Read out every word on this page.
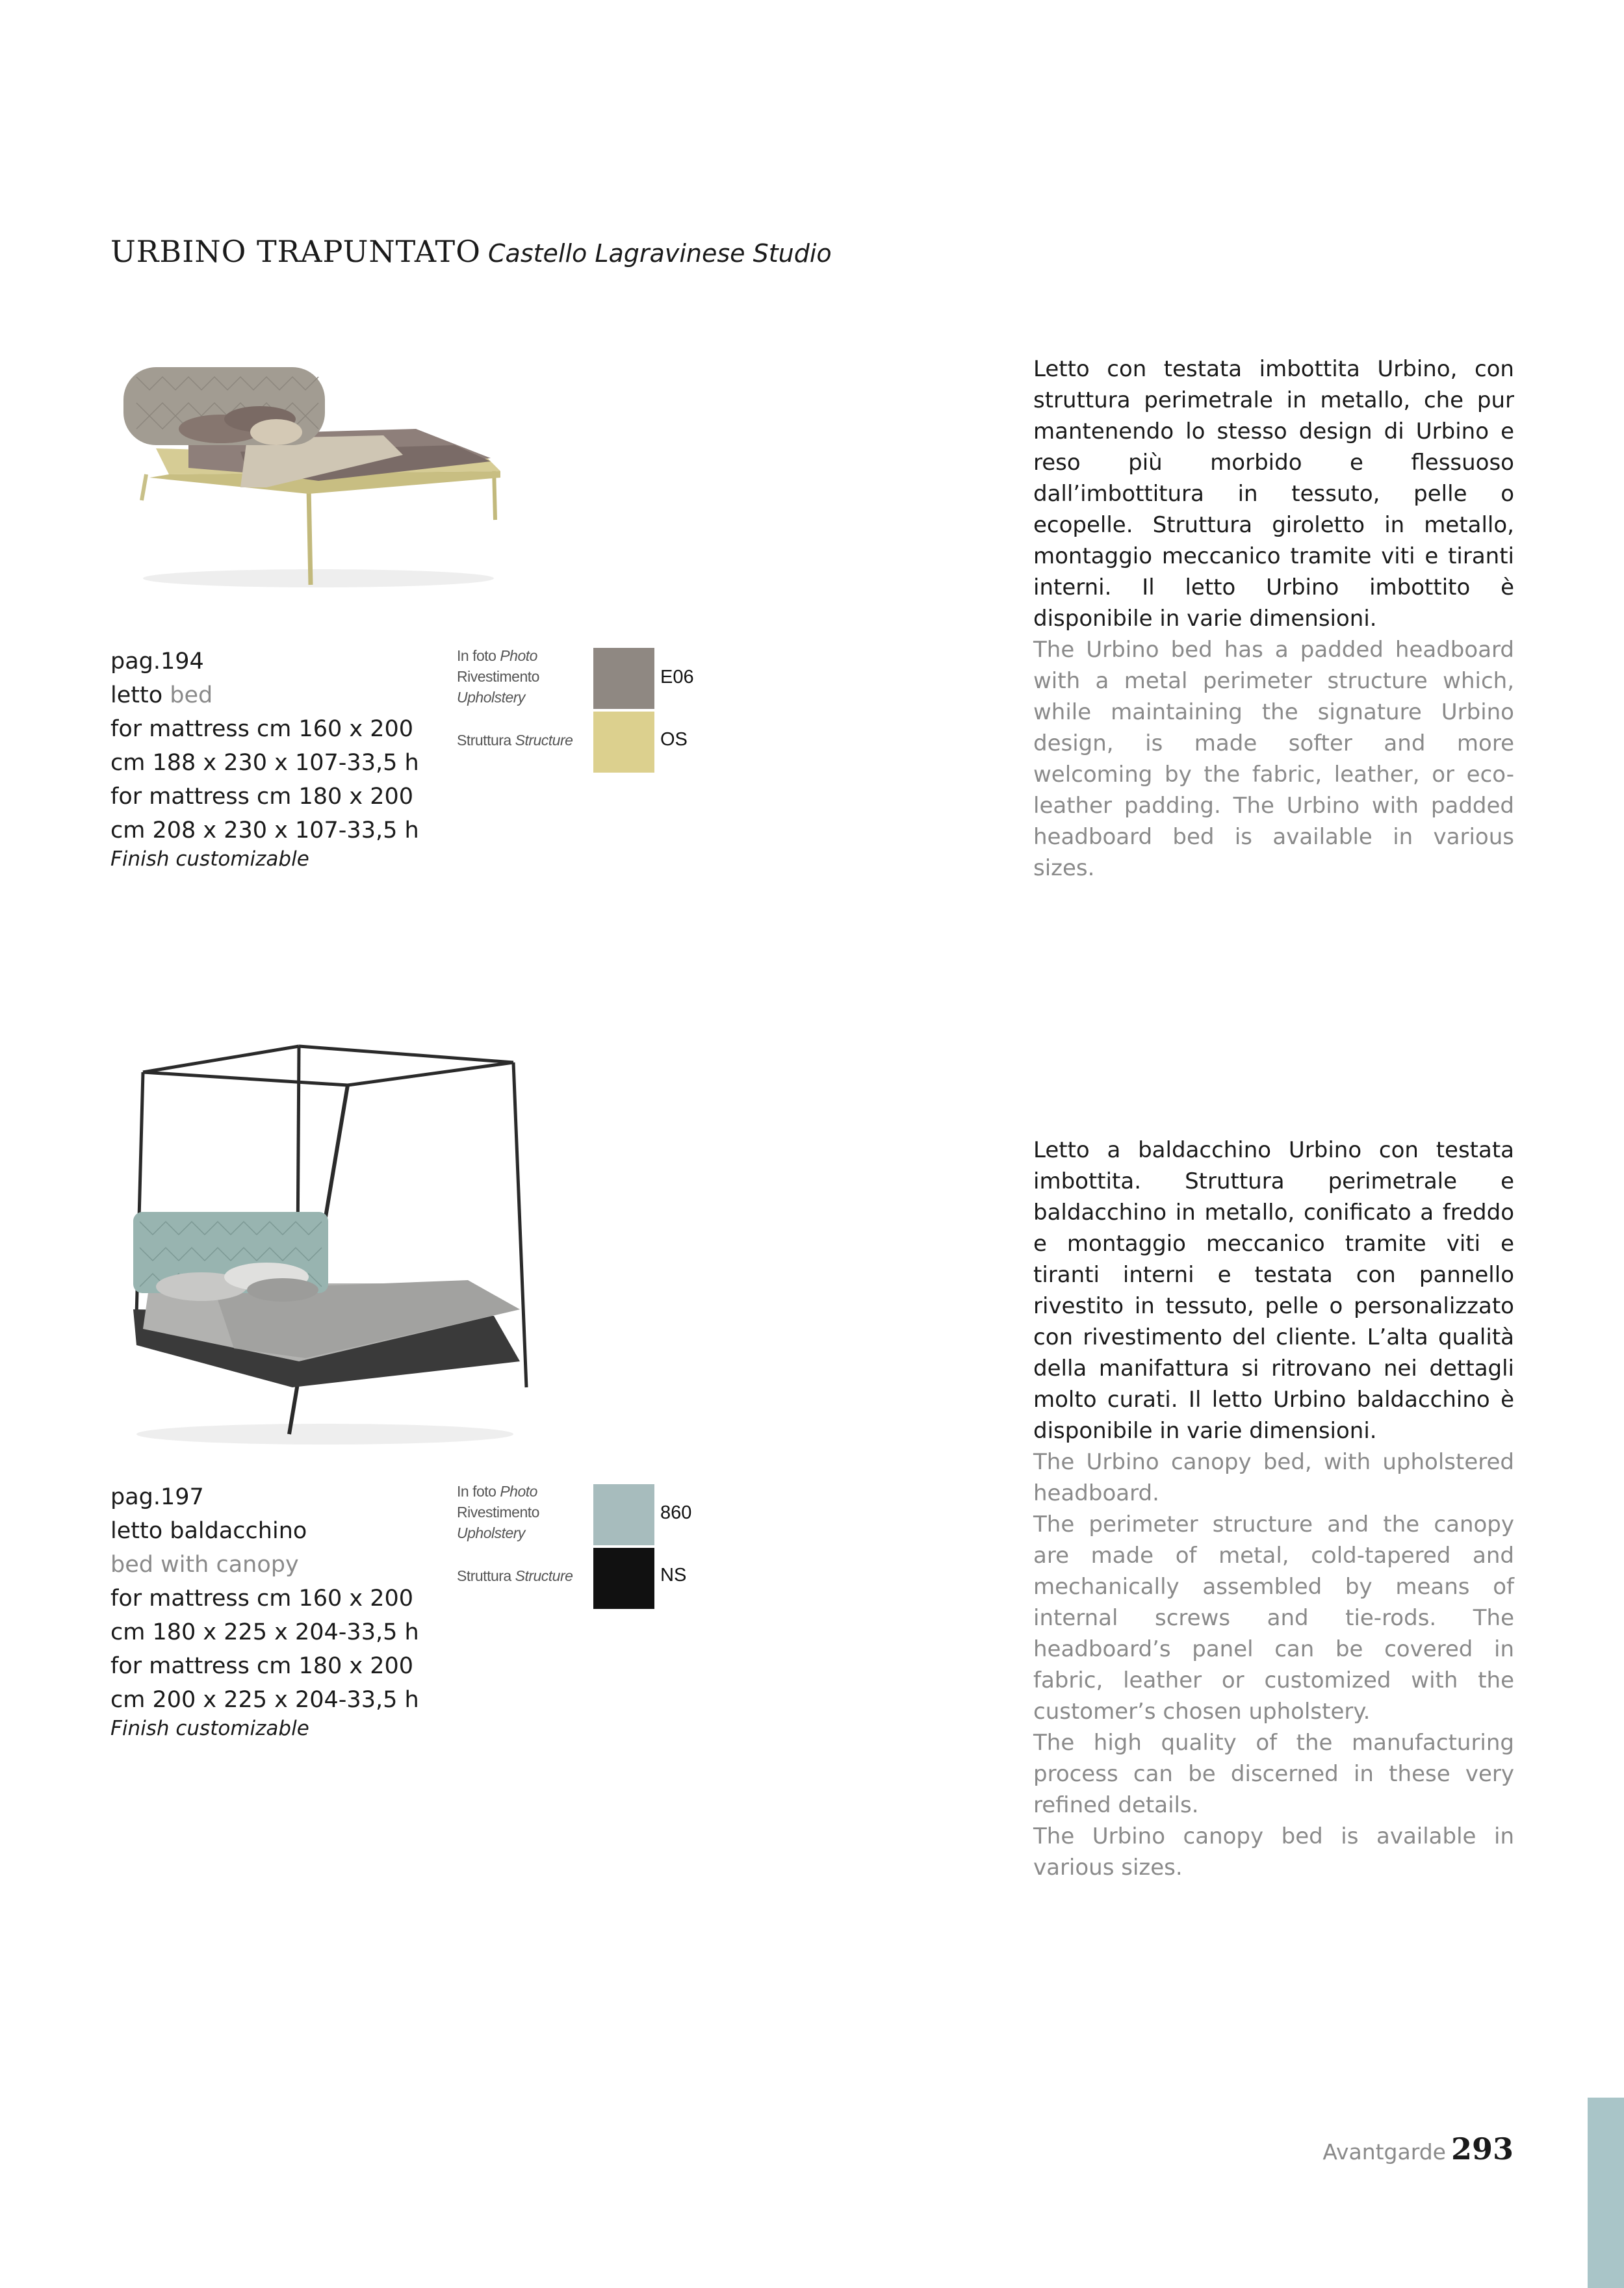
URBINO TRAPUNTATO Castello Lagravinese Studio
pag.194
letto bed
for mattress cm 160 x 200
cm 188 x 230 x 107-33,5 h
for mattress cm 180 x 200
cm 208 x 230 x 107-33,5 h
Finish customizable
In foto Photo
Rivestimento
Upholstery
Struttura Structure
E06
OS
Letto con testata imbottita Urbino, con struttura perimetrale in metallo, che pur mantenendo lo stesso design di Urbino e reso più morbido e flessuoso dall’imbottitura in tessuto, pelle o ecopelle. Struttura giroletto in metallo, montaggio meccanico tramite viti e tiranti interni. Il letto Urbino imbottito è disponibile in varie dimensioni.
The Urbino bed has a padded headboard with a metal perimeter structure which, while maintaining the signature Urbino design, is made softer and more welcoming by the fabric, leather, or eco-leather padding. The Urbino with padded headboard bed is available in various sizes.
pag.197
letto baldacchino
bed with canopy
for mattress cm 160 x 200
cm 180 x 225 x 204-33,5 h
for mattress cm 180 x 200
cm 200 x 225 x 204-33,5 h
Finish customizable
In foto Photo
Rivestimento
Upholstery
Struttura Structure
860
NS
Letto a baldacchino Urbino con testata imbottita. Struttura perimetrale e baldacchino in metallo, conificato a freddo e montaggio meccanico tramite viti e tiranti interni e testata con pannello rivestito in tessuto, pelle o personalizzato con rivestimento del cliente. L’alta qualità della manifattura si ritrovano nei dettagli molto curati. Il letto Urbino baldacchino è disponibile in varie dimensioni.

The Urbino canopy bed, with upholstered headboard.

The perimeter structure and the canopy are made of metal, cold-tapered and mechanically assembled by means of internal screws and tie-rods. The headboard’s panel can be covered in fabric, leather or customized with the customer’s chosen upholstery.

The high quality of the manufacturing process can be discerned in these very refined details.

The Urbino canopy bed is available in various sizes.

Avantgarde 293
